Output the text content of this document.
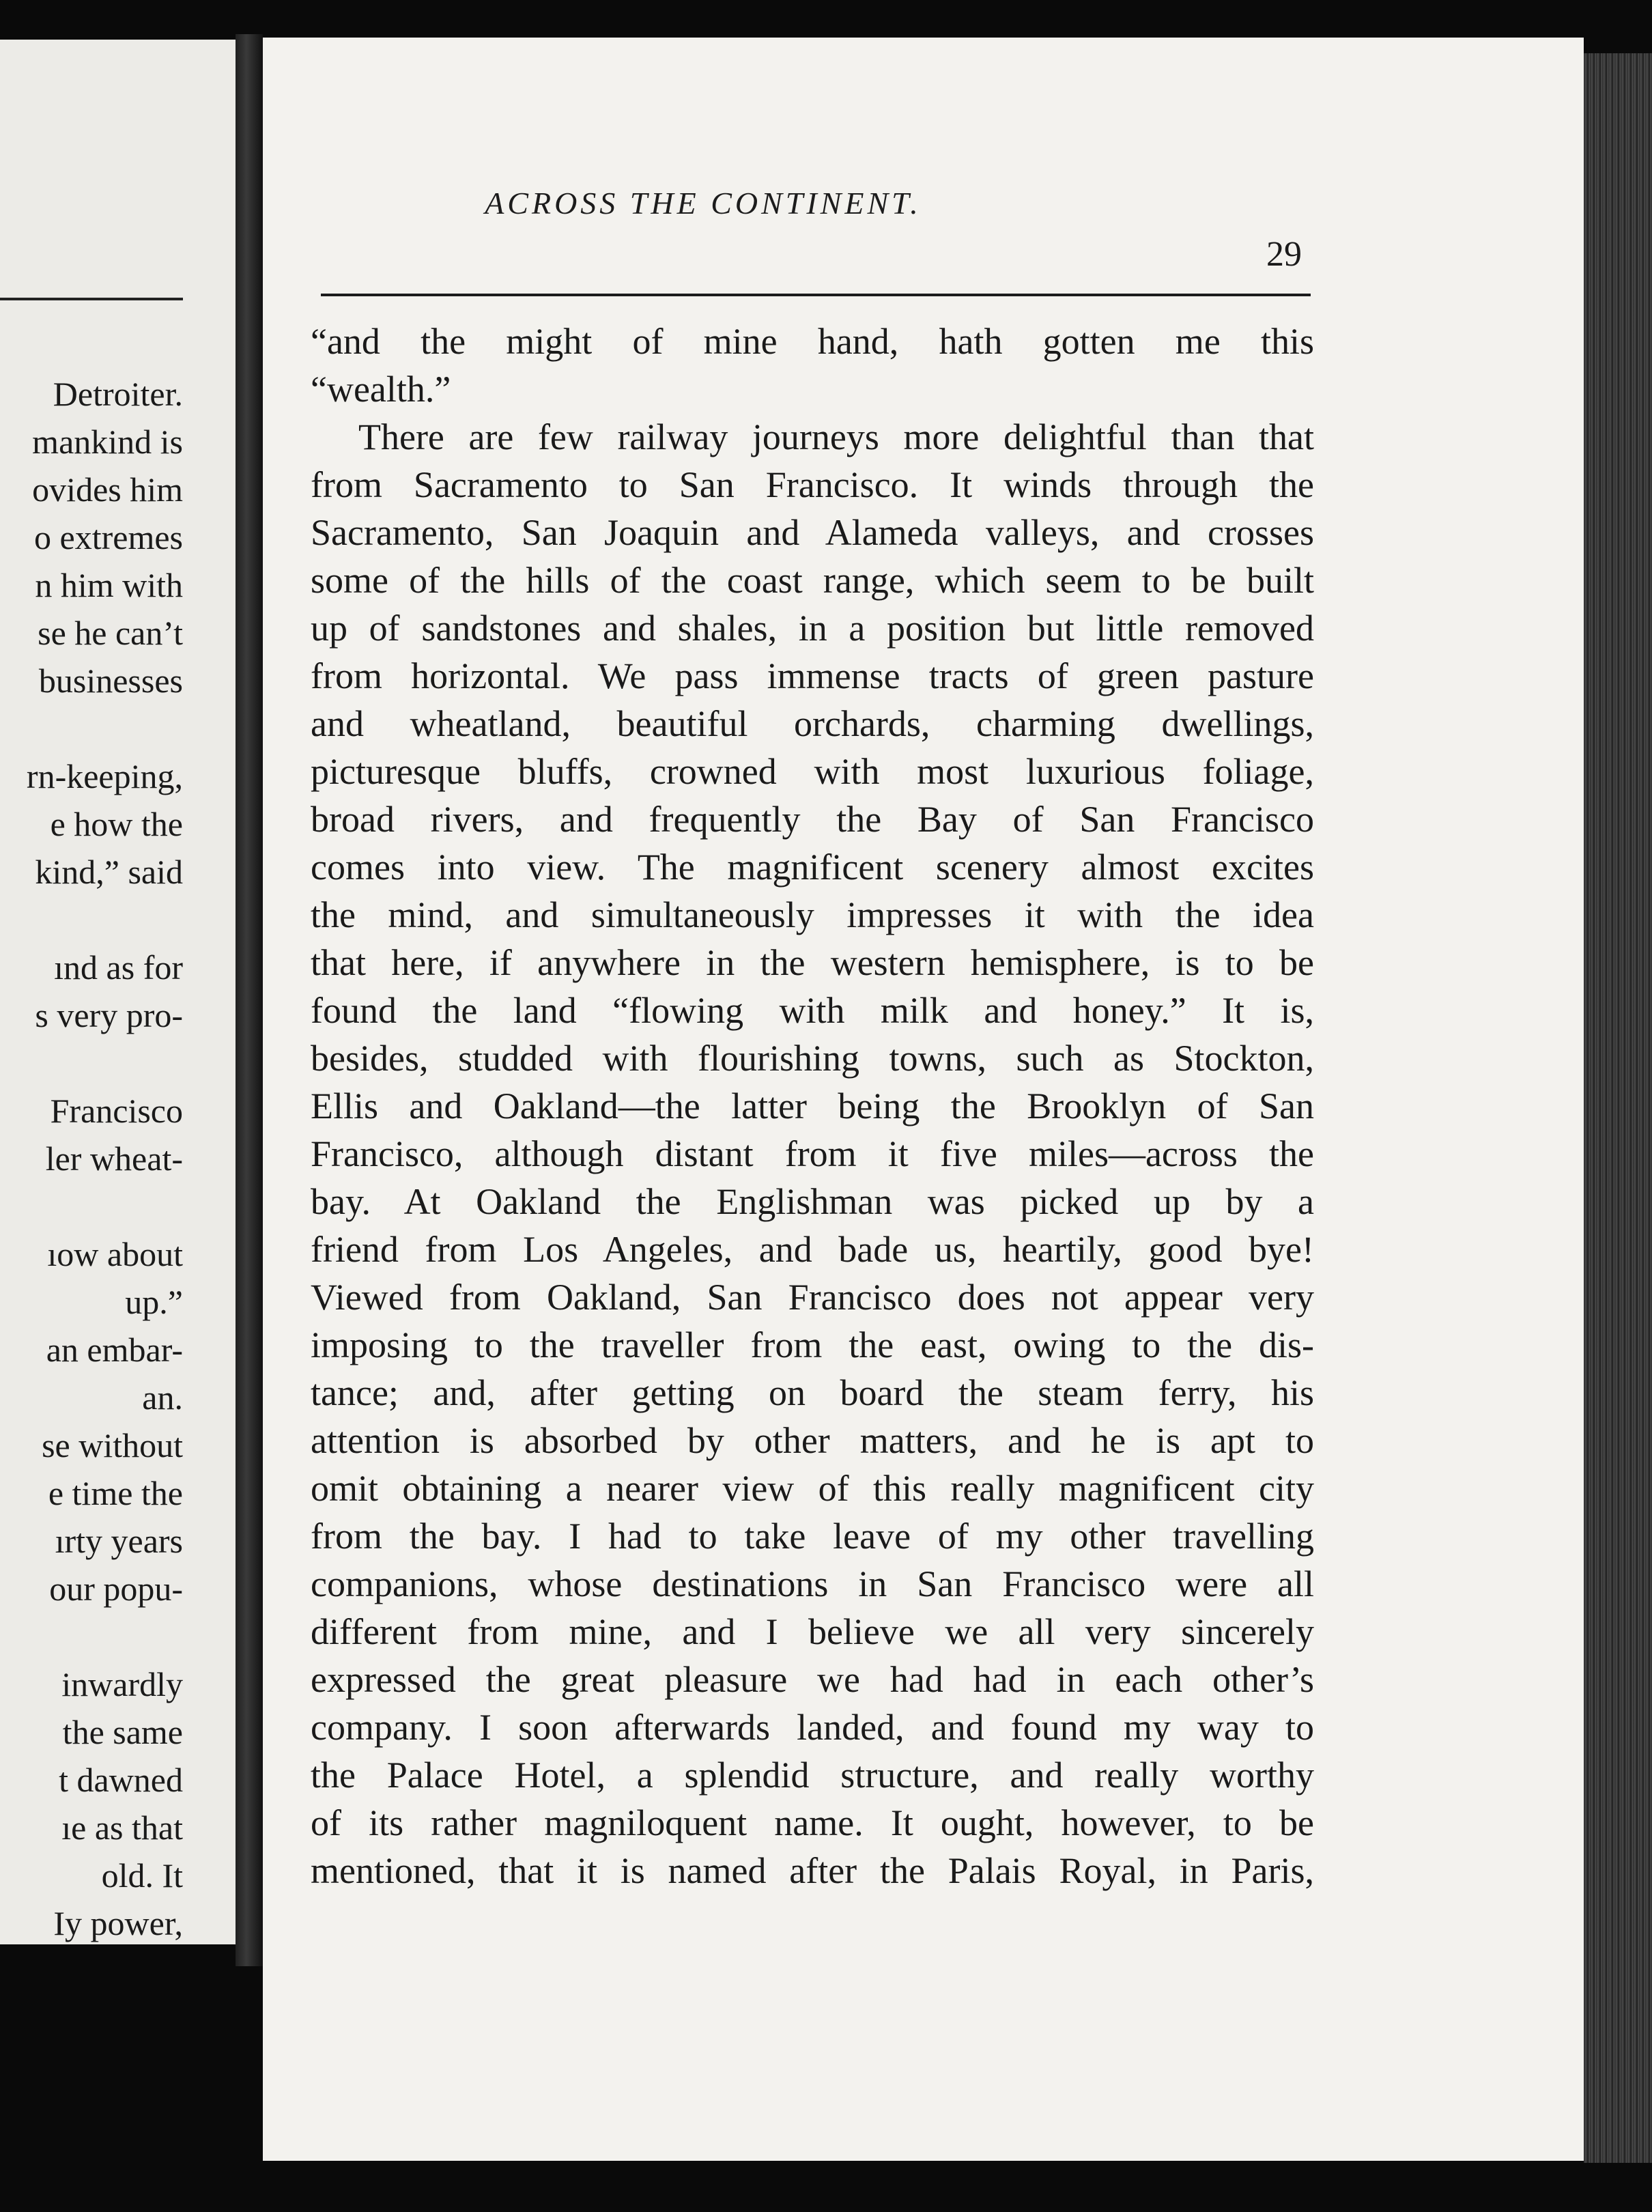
Detroiter.
mankind is
ovides him
o extremes
n him with
se he can’t
businesses
rn-keeping,
e how the
kind,” said
ınd as for
s very pro-
Francisco
ler wheat-
ıow about
up.”
an embar-
an.
se without
e time the
ırty years
our popu-
inwardly
the same
t dawned
ıe as that
old. It
Iy power,
ACROSS THE CONTINENT.
29
“and the might of mine hand, hath gotten me this
“wealth.”
There are few railway journeys more delightful than that
from Sacramento to San Francisco. It winds through the
Sacramento, San Joaquin and Alameda valleys, and crosses
some of the hills of the coast range, which seem to be built
up of sandstones and shales, in a position but little removed
from horizontal. We pass immense tracts of green pasture
and wheatland, beautiful orchards, charming dwellings,
picturesque bluffs, crowned with most luxurious foliage,
broad rivers, and frequently the Bay of San Francisco
comes into view. The magnificent scenery almost excites
the mind, and simultaneously impresses it with the idea
that here, if anywhere in the western hemisphere, is to be
found the land “flowing with milk and honey.” It is,
besides, studded with flourishing towns, such as Stockton,
Ellis and Oakland—the latter being the Brooklyn of San
Francisco, although distant from it five miles—across the
bay. At Oakland the Englishman was picked up by a
friend from Los Angeles, and bade us, heartily, good bye!
Viewed from Oakland, San Francisco does not appear very
imposing to the traveller from the east, owing to the dis-
tance; and, after getting on board the steam ferry, his
attention is absorbed by other matters, and he is apt to
omit obtaining a nearer view of this really magnificent city
from the bay. I had to take leave of my other travelling
companions, whose destinations in San Francisco were all
different from mine, and I believe we all very sincerely
expressed the great pleasure we had had in each other’s
company. I soon afterwards landed, and found my way to
the Palace Hotel, a splendid structure, and really worthy
of its rather magniloquent name. It ought, however, to be
mentioned, that it is named after the Palais Royal, in Paris,
